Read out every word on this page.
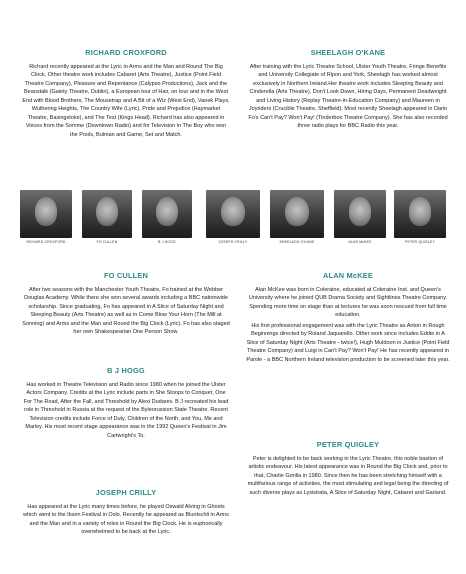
RICHARD CROXFORD

Richard recently appeared at the Lyric in Arms and the Man and Round The Big Clock. Other theatre work includes Cabaret (Arts Theatre), Justice (Point Field Theatre Company), Pleasure and Repentance (Calypso Productions), Jack and the Beanstalk (Gaiety Theatre, Dublin), a European tour of Hair, on tour and in the West End with Blood Brothers, The Mousetrap and A Bit of a Wiz (West End), Vanek Plays, Wuthering Heights, The Country Wife (Lyric), Pride and Prejudice (Haymarket Theatre, Basingstoke), and The Test (Kings Head). Richard has also appeared in Voices from the Somme (Downtown Radio) and for Television in The Boy who won the Pools, Bulman and Game, Set and Match.

SHEELAGH O'KANE

After training with the Lyric Theatre School, Ulster Youth Theatre, Fringe Benefits and University Collegiate of Ripon and York, Sheelagh has worked almost exclusively in Northern Ireland.Her theatre work includes Sleeping Beauty and Cinderella (Arts Theatre), Don't Look Down, Hiring Days, Permanent Deadweight and Living History (Replay Theatre-in-Education Company) and Maureen in Joyriders (Crucible Theatre, Sheffield). Most recently Sheelagh appeared in Dario Fo's Can't Pay? Won't Pay! (Tinderbox Theatre Company). She has also recorded three radio plays for BBC Radio this year.

RICHARD CROXFORD	FO CULLEN	B J HOGG	JOSEPH CRILLY	SHEELAGH O'KANE	ALAN McKEE	PETER QUIGLEY
FO CULLEN

After two seasons with the Manchester Youth Theatre, Fo trained at the Webber Douglas Academy. While there she won several awards including a BBC nationwide scholarship. Since graduating, Fo has appeared in A Slice of Saturday Night and Sleeping Beauty (Arts Theatre) as well as in Come Blow Your Horn (The Mill at Sonning) and Arms and the Man and Round the Big Clock (Lyric). Fo has also staged her own Shakespearian One Person Show.

B J HOGG

Has worked in Theatre Television and Radio since 1980 when he joined the Ulster Actors Company. Credits at the Lyric include parts in She Stoops to Conquer, One For The Road, After the Fall, and Threshold by Alexi Dudarev. B J recreated his lead role in Threshold in Russia at the request of the Byleorussion State Theatre. Recent Television credits include Force of Duty, Children of the North, and You, Me and Marley. His most recent stage appearance was in the 1992 Queen's Festival in Jim Cartwright's To.

JOSEPH CRILLY

Has appeared at the Lyric many times before, he played Oswald Alving in Ghosts which went to the Ibsen Festival in Oslo. Recently he appeared as Bluntschli in Arms and the Man and in a variety of roles in Round the Big Clock. He is euphorically overwhelmed to be back at the Lyric.

ALAN McKEE

Alan McKee was born in Coleraine, educated at Coleraine Inst. and Queen's University where he joined QUB Drama Society and Sightlines Theatre Company. Spending more time on stage than at lectures he was soon rescued from full time education.

His first professional engagement was with the Lyric Theatre as Anton in Rough Beginnings directed by Roland Jaquarello. Other work since includes Eddie in A Slice of Saturday Night (Arts Theatre - twice!), Hugh Muldoon in Justice (Point Field Theatre Company) and Luigi in Can't Pay? Won't Pay! He has recently appeared in Parole - a BBC Northern Ireland television production to be screened later this year.

PETER QUIGLEY

Peter is delighted to be back working in the Lyric Theatre, this noble bastion of artistic endeavour. His latest appearance was in Round the Big Clock and, prior to that, Charlie Gorilla in 1980. Since then he has been stretching himself with a multifarious range of activities, the most stimulating and legal being the directing of such diverse plays as Lysistrata, A Slice of Saturday Night, Cabaret and Garland.
